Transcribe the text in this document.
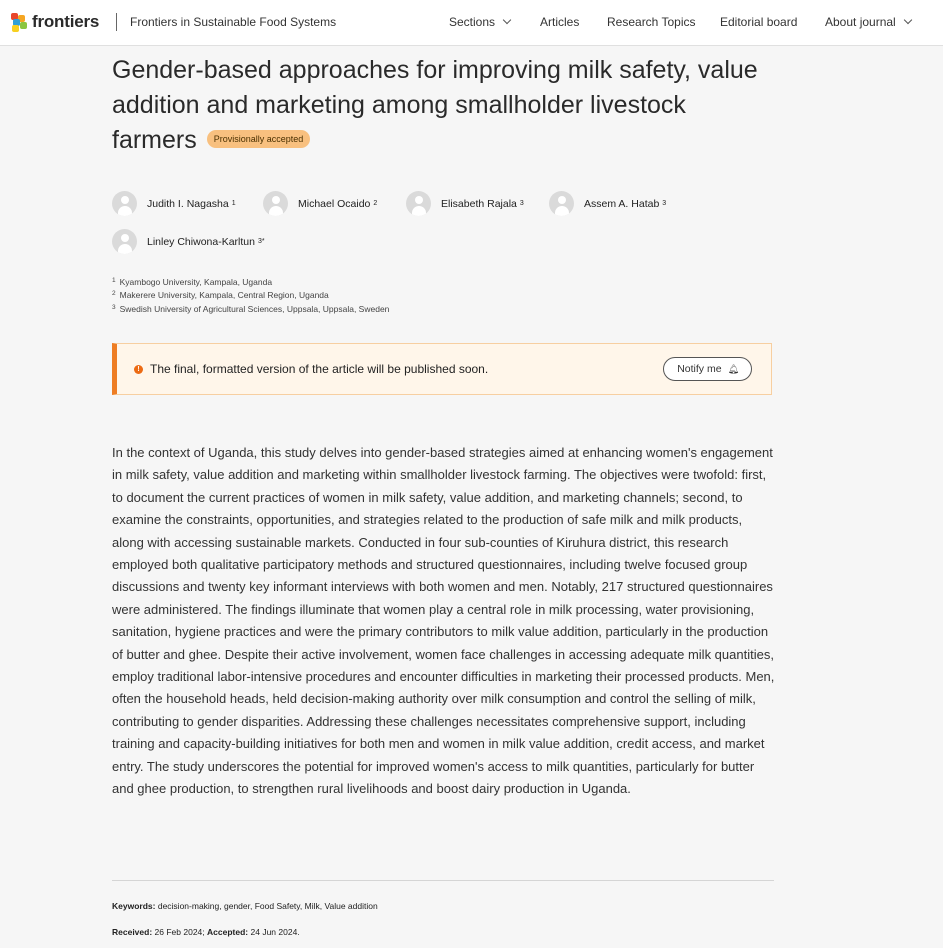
frontiers	Frontiers in Sustainable Food Systems	Sections	Articles Research Topics Editorial board About journal
Gender-based approaches for improving milk safety, value addition and marketing among smallholder livestock farmers Provisionally accepted
Judith I. Nagasha 1	Michael Ocaido 2	Elisabeth Rajala 3	Assem A. Hatab 3
Linley Chiwona-Karltun 3*
$^1$ Kyambogo University, Kampala, Uganda
$^2$ Makerere University, Kampala, Central Region, Uganda
$^3$ Swedish University of Agricultural Sciences, Uppsala, Uppsala, Sweden
! The final, formatted version of the article will be published soon.	Notify me 🔔︎

In the context of Uganda, this study delves into gender-based strategies aimed at enhancing women's engagement in milk safety, value addition and marketing within smallholder livestock farming. The objectives were twofold: first, to document the current practices of women in milk safety, value addition, and marketing channels; second, to examine the constraints, opportunities, and strategies related to the production of safe milk and milk products, along with accessing sustainable markets. Conducted in four sub-counties of Kiruhura district, this research employed both qualitative participatory methods and structured questionnaires, including twelve focused group discussions and twenty key informant interviews with both women and men. Notably, 217 structured questionnaires were administered. The findings illuminate that women play a central role in milk processing, water provisioning, sanitation, hygiene practices and were the primary contributors to milk value addition, particularly in the production of butter and ghee. Despite their active involvement, women face challenges in accessing adequate milk quantities, employ traditional labor-intensive procedures and encounter difficulties in marketing their processed products. Men, often the household heads, held decision-making authority over milk consumption and control the selling of milk, contributing to gender disparities. Addressing these challenges necessitates comprehensive support, including training and capacity-building initiatives for both men and women in milk value addition, credit access, and market entry. The study underscores the potential for improved women's access to milk quantities, particularly for butter and ghee production, to strengthen rural livelihoods and boost dairy production in Uganda.

Keywords: decision-making, gender, Food Safety, Milk, Value addition
Received: 26 Feb 2024; Accepted: 24 Jun 2024.
